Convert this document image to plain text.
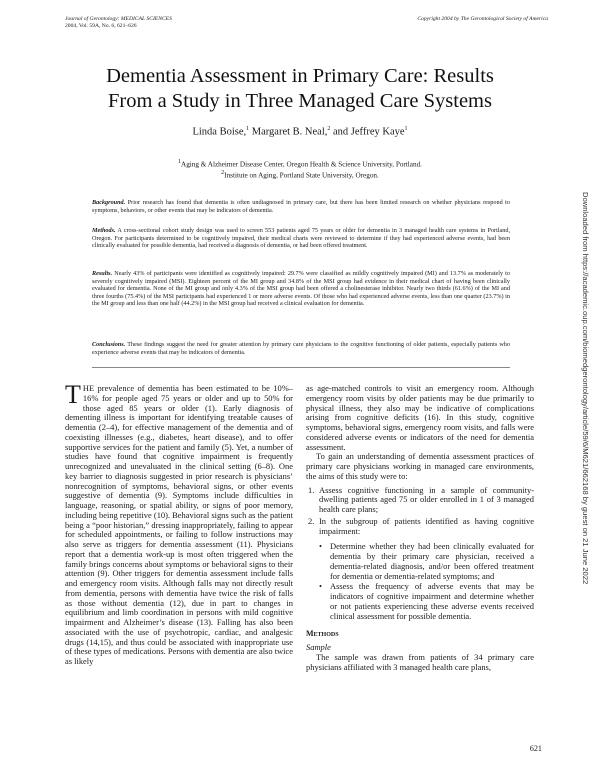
Journal of Gerontology: MEDICAL SCIENCES
2004, Vol. 59A, No. 6, 621–626
Copyright 2004 by The Gerontological Society of America
Downloaded from https://academic.oup.com/biomedgerontology/article/59/6/M621/662168 by guest on 21 June 2022
Dementia Assessment in Primary Care: Results
From a Study in Three Managed Care Systems
Linda Boise,$^1$ Margaret B. Neal,$^2$ and Jeffrey Kaye$^1$
$^1$Aging & Alzheimer Disease Center, Oregon Health & Science University, Portland.
$^2$Institute on Aging, Portland State University, Oregon.
Background. Prior research has found that dementia is often undiagnosed in primary care, but there has been limited research on whether physicians respond to symptoms, behaviors, or other events that may be indicators of dementia.
Methods. A cross-sectional cohort study design was used to screen 553 patients aged 75 years or older for dementia in 3 managed health care systems in Portland, Oregon. For participants determined to be cognitively impaired, their medical charts were reviewed to determine if they had experienced adverse events, had been clinically evaluated for possible dementia, had received a diagnosis of dementia, or had been offered treatment.
Results. Nearly 43% of participants were identified as cognitively impaired: 29.7% were classified as mildly cognitively impaired (MI) and 13.7% as moderately to severely cognitively impaired (MSI). Eighteen percent of the MI group and 34.8% of the MSI group had evidence in their medical chart of having been clinically evaluated for dementia. None of the MI group and only 4.3% of the MSI group had been offered a cholinesterase inhibitor. Nearly two thirds (61.6%) of the MI and three fourths (75.4%) of the MSI participants had experienced 1 or more adverse events. Of those who had experienced adverse events, less than one quarter (23.7%) in the MI group and less than one half (44.2%) in the MSI group had received a clinical evaluation for dementia.
Conclusions. These findings suggest the need for greater attention by primary care physicians to the cognitive functioning of older patients, especially patients who experience adverse events that may be indicators of dementia.

THE prevalence of dementia has been estimated to be 10%–16% for people aged 75 years or older and up to 50% for those aged 85 years or older (1). Early diagnosis of dementing illness is important for identifying treatable causes of dementia (2–4), for effective management of the dementia and of coexisting illnesses (e.g., diabetes, heart disease), and to offer supportive services for the patient and family (5). Yet, a number of studies have found that cognitive impairment is frequently unrecognized and unevaluated in the clinical setting (6–8). One key barrier to diagnosis suggested in prior research is physicians’ nonrecognition of symptoms, behavioral signs, or other events suggestive of dementia (9). Symptoms include difficulties in language, reasoning, or spatial ability, or signs of poor memory, including being repetitive (10). Behavioral signs such as the patient being a “poor historian,” dressing inappropriately, failing to appear for scheduled appointments, or failing to follow instructions may also serve as triggers for dementia assessment (11). Physicians report that a dementia work-up is most often triggered when the family brings concerns about symptoms or behavioral signs to their attention (9). Other triggers for dementia assessment include falls and emergency room visits. Although falls may not directly result from dementia, persons with dementia have twice the risk of falls as those without dementia (12), due in part to changes in equilibrium and limb coordination in persons with mild cognitive impairment and Alzheimer’s disease (13). Falling has also been associated with the use of psychotropic, cardiac, and analgesic drugs (14,15), and thus could be associated with inappropriate use of these types of medications. Persons with dementia are also twice as likely

as age-matched controls to visit an emergency room. Although emergency room visits by older patients may be due primarily to physical illness, they also may be indicative of complications arising from cognitive deficits (16). In this study, cognitive symptoms, behavioral signs, emergency room visits, and falls were considered adverse events or indicators of the need for dementia assessment.

To gain an understanding of dementia assessment practices of primary care physicians working in managed care environments, the aims of this study were to:

1. Assess cognitive functioning in a sample of community-dwelling patients aged 75 or older enrolled in 1 of 3 managed health care plans;
2. In the subgroup of patients identified as having cognitive impairment:
• Determine whether they had been clinically evaluated for dementia by their primary care physician, received a dementia-related diagnosis, and/or been offered treatment for dementia or dementia-related symptoms; and
• Assess the frequency of adverse events that may be indicators of cognitive impairment and determine whether or not patients experiencing these adverse events received clinical assessment for possible dementia.
Methods
Sample

The sample was drawn from patients of 34 primary care physicians affiliated with 3 managed health care plans,

621
